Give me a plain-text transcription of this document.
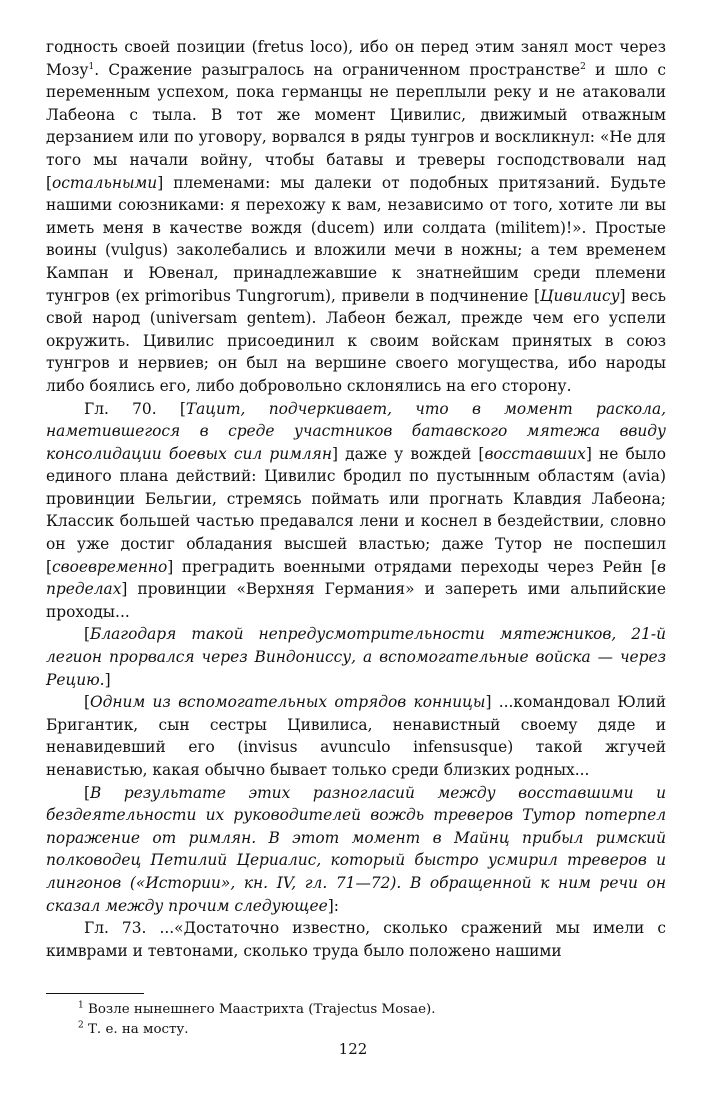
годность своей позиции (fretus loco), ибо он перед этим занял мост через Мозу$^1$. Сражение разыгралось на ограниченном пространстве$^2$ и шло с переменным успехом, пока германцы не переплыли реку и не атаковали Лабеона с тыла. В тот же момент Цивилис, движимый отважным дерзанием или по уговору, ворвался в ряды тунгров и воскликнул: «Не для того мы начали войну, чтобы батавы и треверы господствовали над [остальными] племенами: мы далеки от подобных притязаний. Будьте нашими союзниками: я перехожу к вам, независимо от того, хотите ли вы иметь меня в качестве вождя (ducem) или солдата (militem)!». Простые воины (vulgus) заколебались и вложили мечи в ножны; а тем временем Кампан и Ювенал, принадлежавшие к знатнейшим среди племени тунгров (ex primoribus Tungrorum), привели в подчинение [Цивилису] весь свой народ (universam gentem). Лабеон бежал, прежде чем его успели окружить. Цивилис присоединил к своим войскам принятых в союз тунгров и нервиев; он был на вершине своего могущества, ибо народы либо боялись его, либо добровольно склонялись на его сторону.

Гл. 70. [Тацит, подчеркивает, что в момент раскола, наметившегося в среде участников батавского мятежа ввиду консолидации боевых сил римлян] даже у вождей [восставших] не было единого плана действий: Цивилис бродил по пустынным областям (avia) провинции Бельгии, стремясь поймать или прогнать Клавдия Лабеона; Классик большей частью предавался лени и коснел в бездействии, словно он уже достиг обладания высшей властью; даже Тутор не поспешил [своевременно] преградить военными отрядами переходы через Рейн [в пределах] провинции «Верхняя Германия» и запереть ими альпийские проходы...

[Благодаря такой непредусмотрительности мятежников, 21-й легион прорвался через Виндониссу, а вспомогательные войска — через Рецию.]

[Одним из вспомогательных отрядов конницы] ...командовал Юлий Бригантик, сын сестры Цивилиса, ненавистный своему дяде и ненавидевший его (invisus avunculo infensusque) такой жгучей ненавистью, какая обычно бывает только среди близких родных...

[В результате этих разногласий между восставшими и бездеятельности их руководителей вождь треверов Тутор потерпел поражение от римлян. В этот момент в Майнц прибыл римский полководец Петилий Цериалис, который быстро усмирил треверов и лингонов («Истории», кн. IV, гл. 71—72). В обращенной к ним речи он сказал между прочим следующее]:

Гл. 73. ...«Достаточно известно, сколько сражений мы имели с кимврами и тевтонами, сколько труда было положено нашими

$^1$ Возле нынешнего Маастрихта (Trajectus Mosae).

$^2$ Т. е. на мосту.

122
